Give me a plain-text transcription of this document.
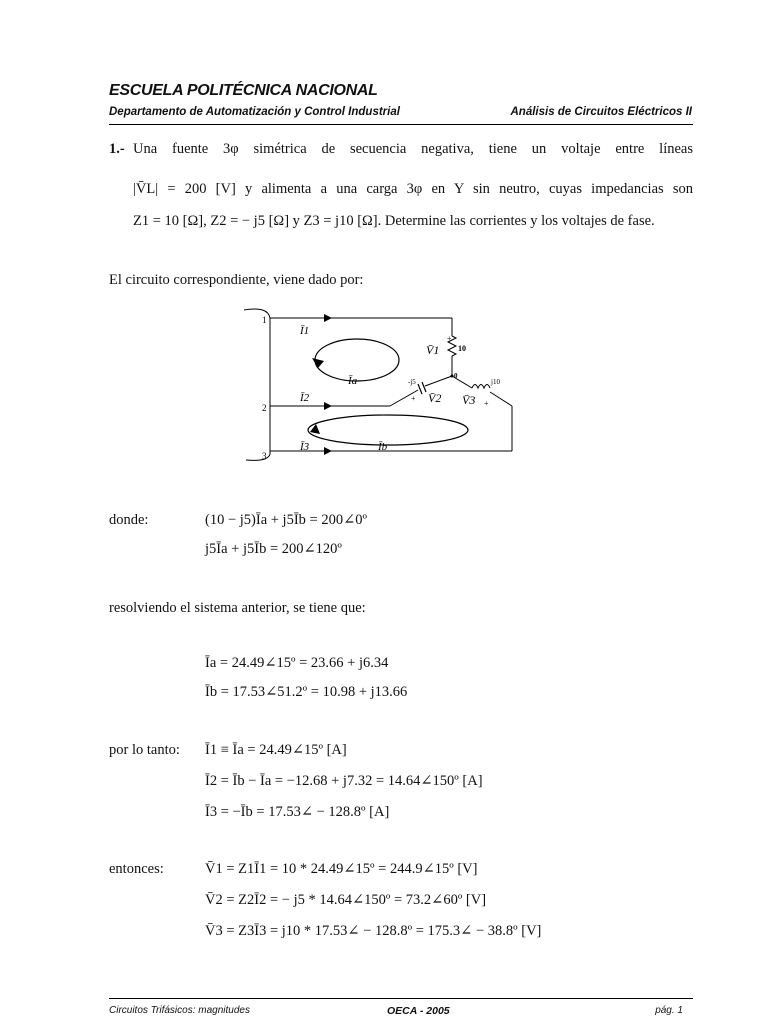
ESCUELA POLITÉCNICA NACIONAL
Departamento de Automatización y Control Industrial	Análisis de Circuitos Eléctricos II
1.- Una fuente 3φ simétrica de secuencia negativa, tiene un voltaje entre líneas
|V̄L| = 200 [V] y alimenta a una carga 3φ en Y sin neutro, cuyas impedancias son
Z1 = 10 [Ω], Z2 = − j5 [Ω] y Z3 = j10 [Ω]. Determine las corrientes y los voltajes de fase.
El circuito correspondiente, viene dado por:
1
2
3
Ī1
Ī2
Ī3
Īa
Īb
V̄1
+
10
0
-j5
+ V̄2
j10
V̄3 +
donde:	(10 − j5)Īa + j5Īb = 200∠0º
j5Īa + j5Īb = 200∠120º
resolviendo el sistema anterior, se tiene que:
Īa = 24.49∠15º = 23.66 + j6.34
Īb = 17.53∠51.2º = 10.98 + j13.66
por lo tanto: Ī1 ≡ Īa = 24.49∠15º [A]
Ī2 = Īb − Īa = −12.68 + j7.32 = 14.64∠150º [A]
Ī3 = −Īb = 17.53∠ − 128.8º [A]
entonces:	V̄1 = Z1Ī1 = 10 * 24.49∠15º = 244.9∠15º [V]
V̄2 = Z2Ī2 = − j5 * 14.64∠150º = 73.2∠60º [V]
V̄3 = Z3Ī3 = j10 * 17.53∠ − 128.8º = 175.3∠ − 38.8º [V]
Circuitos Trifásicos: magnitudes	OECA - 2005	pág. 1
